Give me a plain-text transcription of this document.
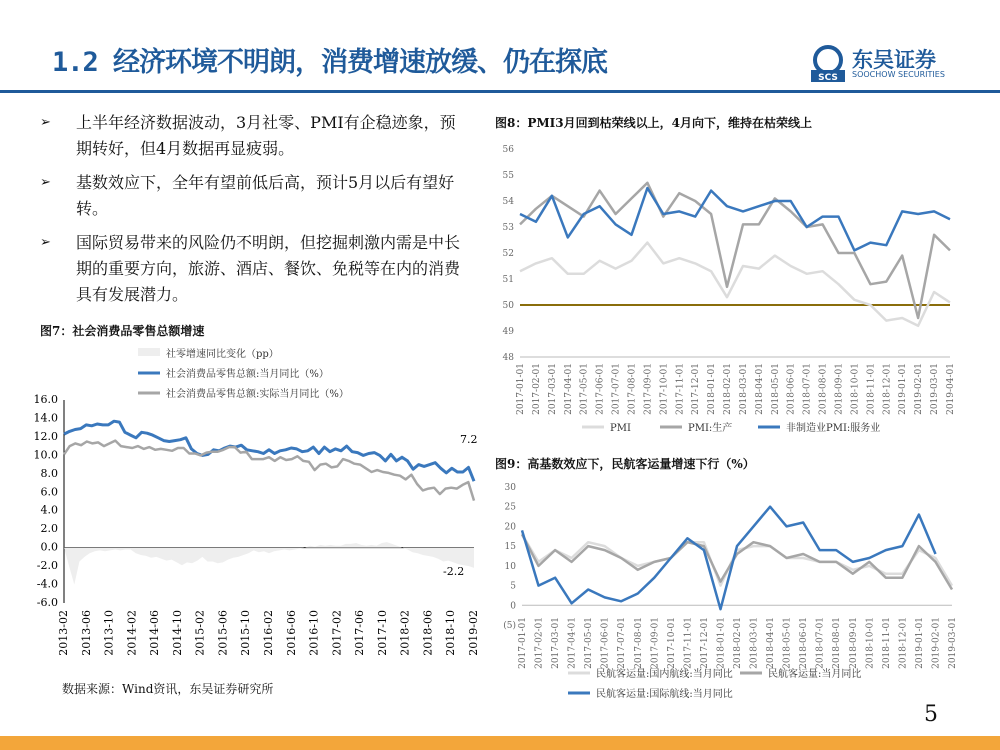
1.2 经济环境不明朗，消费增速放缓、仍在探底	SCS
东吴证券
SOOCHOW SECURITIES
➢ 上半年经济数据波动，3月社零、PMI有企稳迹象，预期转好，但4月数据再显疲弱。
➢ 基数效应下，全年有望前低后高，预计5月以后有望好转。
➢ 国际贸易带来的风险仍不明朗，但挖掘刺激内需是中长期的重要方向，旅游、酒店、餐饮、免税等在内的消费具有发展潜力。
图7：社会消费品零售总额增速
图8：PMI3月回到枯荣线以上，4月向下，维持在枯荣线上
图9：高基数效应下，民航客运量增速下行（%）
社零增速同比变化（pp）
社会消费品零售总额:当月同比（%）
社会消费品零售总额:实际当月同比（%）
16.0
14.0
12.0
10.0
8.0
6.0
4.0
2.0
0.0
-2.0
-4.0
-6.0
2013-02 2013-06 2013-10 2014-02 2014-06 2014-10 2015-02 2015-06 2015-10 2016-02 2016-06 2016-10 2017-02 2017-06 2017-10 2018-02 2018-06 2018-10 2019-02
7.2
-2.2
56
55
54
53
52
51
50
49
48
2017-01-01 2017-02-01 2017-03-01 2017-04-01 2017-05-01 2017-06-01 2017-07-01 2017-08-01 2017-09-01 2017-10-01 2017-11-01 2017-12-01 2018-01-01 2018-02-01 2018-03-01 2018-04-01 2018-05-01 2018-06-01 2018-07-01 2018-08-01 2018-09-01 2018-10-01 2018-11-01 2018-12-01 2019-01-01 2019-02-01 2019-03-01 2019-04-01
PMI	PMI:生产	非制造业PMI:服务业
30
25
20
15
10
5
0
(5) 2017-01-01 2017-02-01 2017-03-01 2017-04-01 2017-05-01 2017-06-01 2017-07-01 2017-08-01 2017-09-01 2017-10-01 2017-11-01 2017-12-01 2018-01-01 2018-02-01 2018-03-01 2018-04-01 2018-05-01 2018-06-01 2018-07-01 2018-08-01 2018-09-01 2018-10-01 2018-11-01 2018-12-01 2019-01-01 2019-02-01 2019-03-01
民航客运量:国内航线:当月同比	民航客运量:当月同比
民航客运量:国际航线:当月同比
数据来源：Wind资讯，东吴证券研究所
5
